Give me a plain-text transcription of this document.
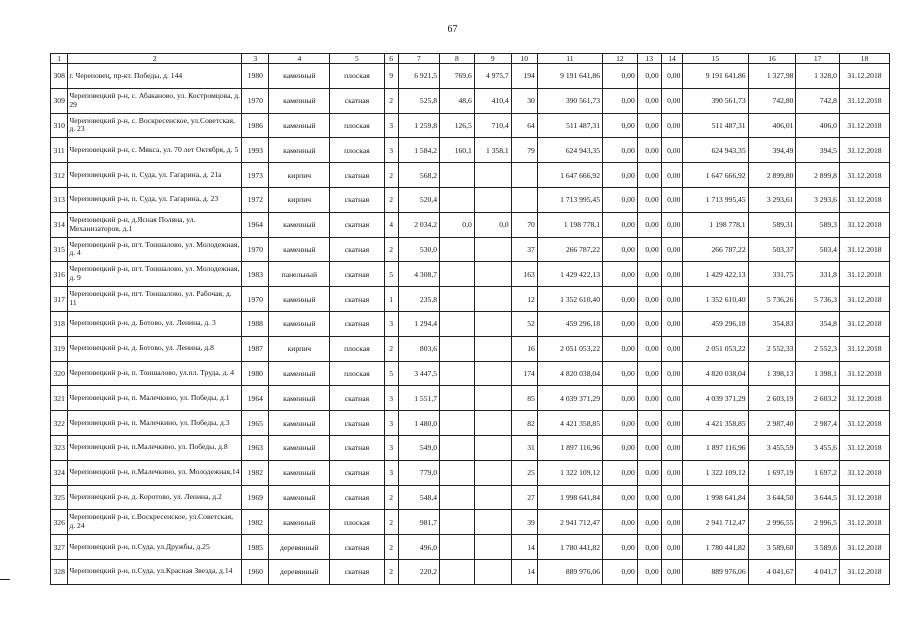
67
1	2	3	4	5	6	7	8	9	10	11	12	13	14	15	16	17	18
308	г. Череповец, пр-кт. Победы, д. 144	1980	каменный	плоская	9	6 921,5	769,6	4 975,7	194	9 191 641,86	0,00	0,00	0,00	9 191 641,86	1 327,98	1 328,0	31.12.2018
309	Череповецкий р-н, с. Абаканово, ул. Костромцова, д. 29	1970	каменный	скатная	2	525,8	48,6	410,4	30	390 561,73	0,00	0,00	0,00	390 561,73	742,80	742,8	31.12.2018
310	Череповецкий р-н, с. Воскресенское, ул.Советская, д. 23	1986	каменный	плоская	3	1 259,8	126,5	710,4	64	511 487,31	0,00	0,00	0,00	511 487,31	406,01	406,0	31.12.2018
311	Череповецкий р-н, с. Мякса, ул. 70 лет Октября, д. 5	1993	каменный	плоская	3	1 584,2	160,1	1 358,1	79	624 943,35	0,00	0,00	0,00	624 943,35	394,49	394,5	31.12.2018
312	Череповецкий р-н, п. Суда, ул. Гагарина, д. 21а	1973	кирпич	скатная	2	568,2				1 647 666,92	0,00	0,00	0,00	1 647 666,92	2 899,80	2 899,8	31.12.2018
313	Череповецкий р-н, п. Суда, ул. Гагарина, д. 23	1972	кирпич	скатная	2	520,4				1 713 995,45	0,00	0,00	0,00	1 713 995,45	3 293,61	3 293,6	31.12.2018
314	Череповецкий р-н, д.Ясная Поляна, ул. Механизаторов, д.1	1964	каменный	скатная	4	2 034,2	0,0	0,0	70	1 198 778,1	0,00	0,00	0,00	1 198 778,1	589,31	589,3	31.12.2018
315	Череповецкий р-н, пгт. Тоншалово, ул. Молодежная, д. 4	1970	каменный	скатная	2	530,0			37	266 787,22	0,00	0,00	0,00	266 787,22	503,37	503,4	31.12.2018
316	Череповецкий р-н, пгт. Тоншалово, ул. Молодежная, д. 9	1983	панельный	скатная	5	4 308,7			163	1 429 422,13	0,00	0,00	0,00	1 429 422,13	331,75	331,8	31.12.2018
317	Череповецкий р-н, пгт. Тоншалово, ул. Рабочая, д. 11	1970	каменный	скатная	1	235,8			12	1 352 610,40	0,00	0,00	0,00	1 352 610,40	5 736,26	5 736,3	31.12.2018
318	Череповецкий р-н, д. Ботово, ул. Ленина, д. 3	1988	каменный	скатная	3	1 294,4			52	459 296,18	0,00	0,00	0,00	459 296,18	354,83	354,8	31.12.2018
319	Череповецкий р-н, д. Ботово, ул. Ленина, д.8	1987	кирпич	плоская	2	803,6			16	2 051 053,22	0,00	0,00	0,00	2 051 053,22	2 552,33	2 552,3	31.12.2018
320	Череповецкий р-н, п. Тоншалово, ул.пл. Труда, д. 4	1980	каменный	плоская	5	3 447,5			174	4 820 038,04	0,00	0,00	0,00	4 820 038,04	1 398,13	1 398,1	31.12.2018
321	Череповецкий р-н, п. Малечкино, ул. Победы, д.1	1964	каменный	скатная	3	1 551,7			85	4 039 371,29	0,00	0,00	0,00	4 039 371,29	2 603,19	2 603,2	31.12.2018
322	Череповецкий р-н, п. Малечкино, ул. Победы, д.3	1965	каменный	скатная	3	1 480,0			82	4 421 358,85	0,00	0,00	0,00	4 421 358,85	2 987,40	2 987,4	31.12.2018
323	Череповецкий р-н, п.Малечкино, ул. Победы, д.8	1963	каменный	скатная	3	549,0			31	1 897 116,96	0,00	0,00	0,00	1 897 116,96	3 455,59	3 455,6	31.12.2018
324	Череповецкий р-н, п.Малечкино, ул. Молодежная,14	1982	каменный	скатная	3	779,0			25	1 322 109,12	0,00	0,00	0,00	1 322 109,12	1 697,19	1 697,2	31.12.2018
325	Череповецкий р-н, д. Коротово, ул. Ленина, д.2	1969	каменный	скатная	2	548,4			27	1 998 641,84	0,00	0,00	0,00	1 998 641,84	3 644,50	3 644,5	31.12.2018
326	Череповецкий р-н, с.Воскресенское, ул.Советская, д. 24	1982	каменный	плоская	2	981,7			39	2 941 712,47	0,00	0,00	0,00	2 941 712,47	2 996,55	2 996,5	31.12.2018
327	Череповецкий р-н, п.Суда, ул.Дружбы, д.25	1985	деревянный	скатная	2	496,0			14	1 780 441,82	0,00	0,00	0,00	1 780 441,82	3 589,60	3 589,6	31.12.2018
328	Череповецкий р-н, п.Суда, ул.Красная Звезда, д.14	1960	деревянный	скатная	2	220,2			14	889 976,06	0,00	0,00	0,00	889 976,06	4 041,67	4 041,7	31.12.2018
